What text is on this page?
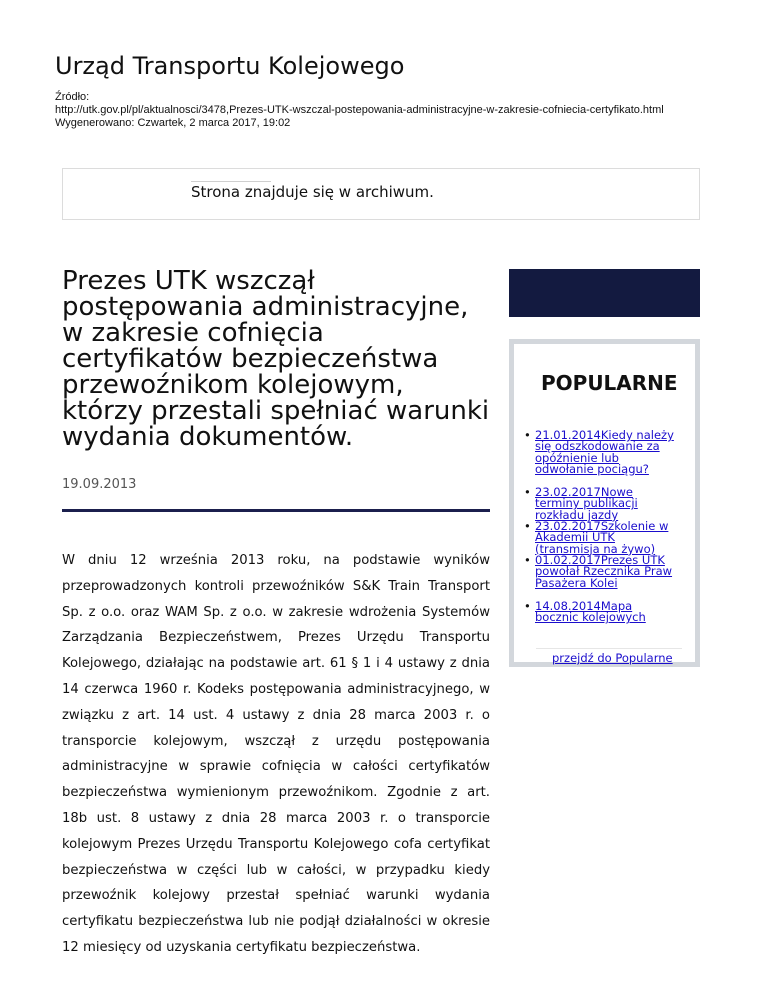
Urząd Transportu Kolejowego
Źródło:
http://utk.gov.pl/pl/aktualnosci/3478,Prezes-UTK-wszczal-postepowania-administracyjne-w-zakresie-cofniecia-certyfikato.html
Wygenerowano: Czwartek, 2 marca 2017, 19:02
Strona znajduje się w archiwum.
Prezes UTK wszczął postępowania administracyjne, w zakresie cofnięcia certyfikatów bezpieczeństwa przewoźnikom kolejowym, którzy przestali spełniać warunki wydania dokumentów.
19.09.2013

W dniu 12 września 2013 roku, na podstawie wyników przeprowadzonych kontroli przewoźników S&K Train Transport Sp. z o.o. oraz WAM Sp. z o.o. w zakresie wdrożenia Systemów Zarządzania Bezpieczeństwem, Prezes Urzędu Transportu Kolejowego, działając na podstawie art. 61 § 1 i 4 ustawy z dnia 14 czerwca 1960 r. Kodeks postępowania administracyjnego, w związku z art. 14 ust. 4 ustawy z dnia 28 marca 2003 r. o transporcie kolejowym, wszczął z urzędu postępowania administracyjne w sprawie cofnięcia w całości certyfikatów bezpieczeństwa wymienionym przewoźnikom. Zgodnie z art. 18b ust. 8 ustawy z dnia 28 marca 2003 r. o transporcie kolejowym Prezes Urzędu Transportu Kolejowego cofa certyfikat bezpieczeństwa w części lub w całości, w przypadku kiedy przewoźnik kolejowy przestał spełniać warunki wydania certyfikatu bezpieczeństwa lub nie podjął działalności w okresie 12 miesięcy od uzyskania certyfikatu bezpieczeństwa.

POPULARNE
• 21.01.2014Kiedy należy się odszkodowanie za opóźnienie lub odwołanie pociągu?
• 23.02.2017Nowe terminy publikacji rozkładu jazdy
• 23.02.2017Szkolenie w Akademii UTK (transmisja na żywo)
• 01.02.2017Prezes UTK powołał Rzecznika Praw Pasażera Kolei
• 14.08.2014Mapa bocznic kolejowych
przejdź do Popularne
